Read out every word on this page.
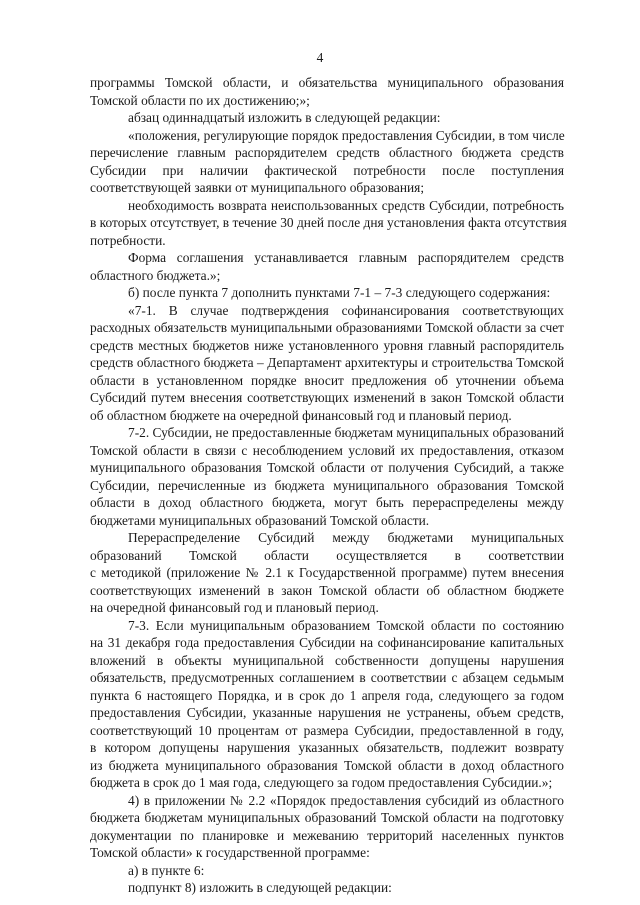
4
программы Томской области, и обязательства муниципального образования
Томской области по их достижению;»;
абзац одиннадцатый изложить в следующей редакции:
«положения, регулирующие порядок предоставления Субсидии, в том числе
перечисление главным распорядителем средств областного бюджета средств
Субсидии при наличии фактической потребности после поступления
соответствующей заявки от муниципального образования;
необходимость возврата неиспользованных средств Субсидии, потребность
в которых отсутствует, в течение 30 дней после дня установления факта отсутствия
потребности.
Форма соглашения устанавливается главным распорядителем средств
областного бюджета.»;
б) после пункта 7 дополнить пунктами 7-1 – 7-3 следующего содержания:
«7-1. В случае подтверждения софинансирования соответствующих
расходных обязательств муниципальными образованиями Томской области за счет
средств местных бюджетов ниже установленного уровня главный распорядитель
средств областного бюджета – Департамент архитектуры и строительства Томской
области в установленном порядке вносит предложения об уточнении объема
Субсидий путем внесения соответствующих изменений в закон Томской области
об областном бюджете на очередной финансовый год и плановый период.
7-2. Субсидии, не предоставленные бюджетам муниципальных образований
Томской области в связи с несоблюдением условий их предоставления, отказом
муниципального образования Томской области от получения Субсидий, а также
Субсидии, перечисленные из бюджета муниципального образования Томской
области в доход областного бюджета, могут быть перераспределены между
бюджетами муниципальных образований Томской области.
Перераспределение Субсидий между бюджетами муниципальных
образований Томской области осуществляется в соответствии
с методикой (приложение № 2.1 к Государственной программе) путем внесения
соответствующих изменений в закон Томской области об областном бюджете
на очередной финансовый год и плановый период.
7-3. Если муниципальным образованием Томской области по состоянию
на 31 декабря года предоставления Субсидии на софинансирование капитальных
вложений в объекты муниципальной собственности допущены нарушения
обязательств, предусмотренных соглашением в соответствии с абзацем седьмым
пункта 6 настоящего Порядка, и в срок до 1 апреля года, следующего за годом
предоставления Субсидии, указанные нарушения не устранены, объем средств,
соответствующий 10 процентам от размера Субсидии, предоставленной в году,
в котором допущены нарушения указанных обязательств, подлежит возврату
из бюджета муниципального образования Томской области в доход областного
бюджета в срок до 1 мая года, следующего за годом предоставления Субсидии.»;
4) в приложении № 2.2 «Порядок предоставления субсидий из областного
бюджета бюджетам муниципальных образований Томской области на подготовку
документации по планировке и межеванию территорий населенных пунктов
Томской области» к государственной программе:
а) в пункте 6:
подпункт 8) изложить в следующей редакции:
